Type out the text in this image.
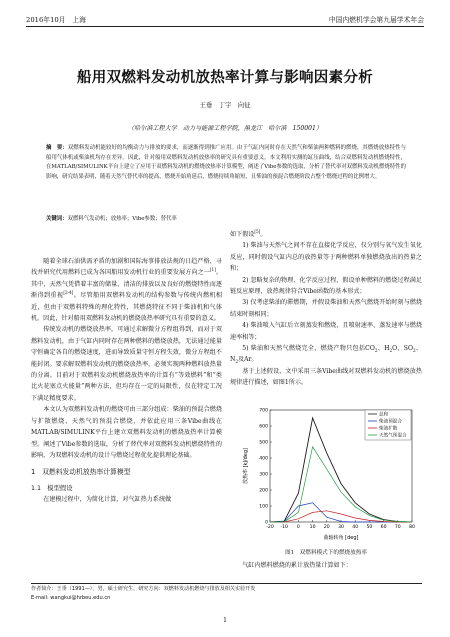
2016年10月　上海	中国内燃机学会第九届学术年会
船用双燃料发动机放热率计算与影响因素分析
王垂　丁宇　向征
（哈尔滨工程大学　动力与能源工程学院，黑龙江　哈尔滨　150001）
摘　要：双燃料发动机能较好的均衡动力与排放的要求，而逐渐得到推广应用。由于气缸内同时存在天然气和柴油两种燃料的燃烧，其燃烧放热特性与船用气体机或柴油机均存在差异。因此，针对船用双燃料发动机放热率的研究具有重要意义。本文利用实测的缸压曲线，结合双燃料发动机燃烧特性，在MATLAB/SIMULINK平台上建立了应用于双燃料发动机的燃烧放热率计算模型，阐述了Vibe参数的选取，分析了替代率对双燃料发动机燃烧特性的影响，研究结果表明，随着天然气替代率的提高，燃烧开始角延后，燃烧持续角缩短，且柴油的预混合燃烧阶段占整个燃烧过程的比例增大。
关键词：双燃料气发动机；放热率；Vibe参数；替代率

随着全球石油供需矛盾的加剧和国际海事排放法规的日趋严格，寻找并研究代用燃料已成为各国船用发动机行业的重要发展方向之一[1]。其中，天然气凭借着丰富的储量、清洁的排放以及良好的燃烧特性而逐渐得到重视[2-4]。尽管船用双燃料发动机的结构参数与传统内燃机相近，但由于双燃料特殊的理化特性，其燃烧特征不同于柴油机和气体机。因此，针对船用双燃料发动机的燃烧放热率研究具有重要的意义。

传统发动机的燃烧放热率，可通过求解微分方程组得到，而对于双燃料发动机，由于气缸内同时存在两种燃料的燃烧放热，无法通过能量守恒确定各自的燃烧速度，进而导致质量守恒方程失效，微分方程组不能封闭。要求解双燃料发动机的燃烧放热率，必须实现两种燃料放热量的分离。目前对于双燃料发动机燃烧放热率的计算有“等效燃料”和“类比火花塞点火能量”两种方法，但均存在一定的局限性，仅在特定工况下满足精度要求。

本文认为双燃料发动机的燃烧可由三部分组成：柴油的预混合燃烧与扩散燃烧、天然气的预混合燃烧，并依此应用三条Vibe曲线在MATLAB/SIMULINK平台上建立双燃料发动机的燃烧放热率计算模型。阐述了Vibe参数的选取，分析了替代率对双燃料发动机燃烧特性的影响，为双燃料发动机的设计与燃烧过程优化提供理论基础。

1　双燃料发动机放热率计算模型
1.1　模型假设

在建模过程中，为简化计算，对气缸热力系统做

如下假设[5]。

1) 柴油与天然气之间不存在直接化学反应，仅分别与氧气发生氧化反应，同时假设气缸内总的放热量等于两种燃料单独燃烧放出的热量之和；

2) 忽略复杂的物理、化学反应过程，假设单种燃料的燃烧过程满足链反应原理，放热规律符合Vibe函数的基本形式；

3) 仅考虑柴油的滞燃期，并假设柴油和天然气燃烧开始时刻与燃烧结束时刻相同；

4) 柴油喷入气缸后立刻蒸发和燃烧，且喷射速率、蒸发速率与燃烧速率相等；

5) 柴油和天然气燃烧完全，燃烧产物只包括$CO_2$、$H_2O$、$SO_2$、$N_2$及Ar。

基于上述假设，文中采用三条Vibe曲线对双燃料发动机的燃烧放热规律进行描述，如图1所示。

-20 -10 0 10 20 30 40 50 60 70 80
0
100
200
300
400
500
600
700
总和
柴油预混合
柴油扩散
天然气预混合
曲轴转角 [deg]
放热率 [kJ/deg]
图1　双燃料模式下的燃烧放热率
气缸内燃料燃烧的累计放热量计算如下：
作者简介：王垂（1991—），男，硕士研究生，研究方向：双燃料发动机燃烧与排放及相关实验开发
E-mail: wangkui@hrbeu.edu.cn
1
